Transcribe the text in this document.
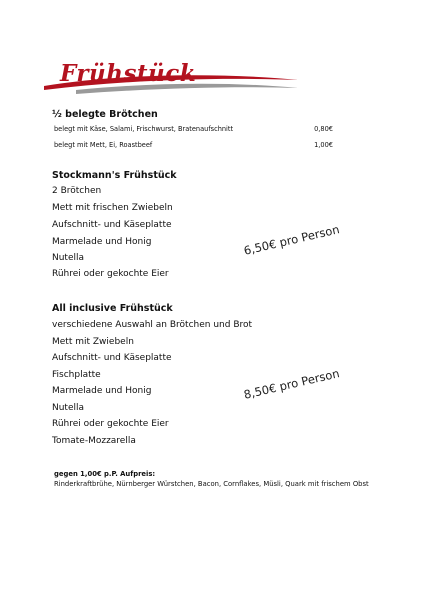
Frühstück
½ belegte Brötchen
belegt mit Käse, Salami, Frischwurst, Bratenaufschnitt	0,80€
belegt mit Mett, Ei, Roastbeef	1,00€
Stockmann's Frühstück
2 Brötchen
Mett mit frischen Zwiebeln
Aufschnitt- und Käseplatte
Marmelade und Honig
Nutella
Rührei oder gekochte Eier
6,50€ pro Person
All inclusive Frühstück
verschiedene Auswahl an Brötchen und Brot
Mett mit Zwiebeln
Aufschnitt- und Käseplatte
Fischplatte
Marmelade und Honig
Nutella
Rührei oder gekochte Eier
Tomate-Mozzarella
8,50€ pro Person
gegen 1,00€ p.P. Aufpreis:
Rinderkraftbrühe, Nürnberger Würstchen, Bacon, Cornflakes, Müsli, Quark mit frischem Obst
